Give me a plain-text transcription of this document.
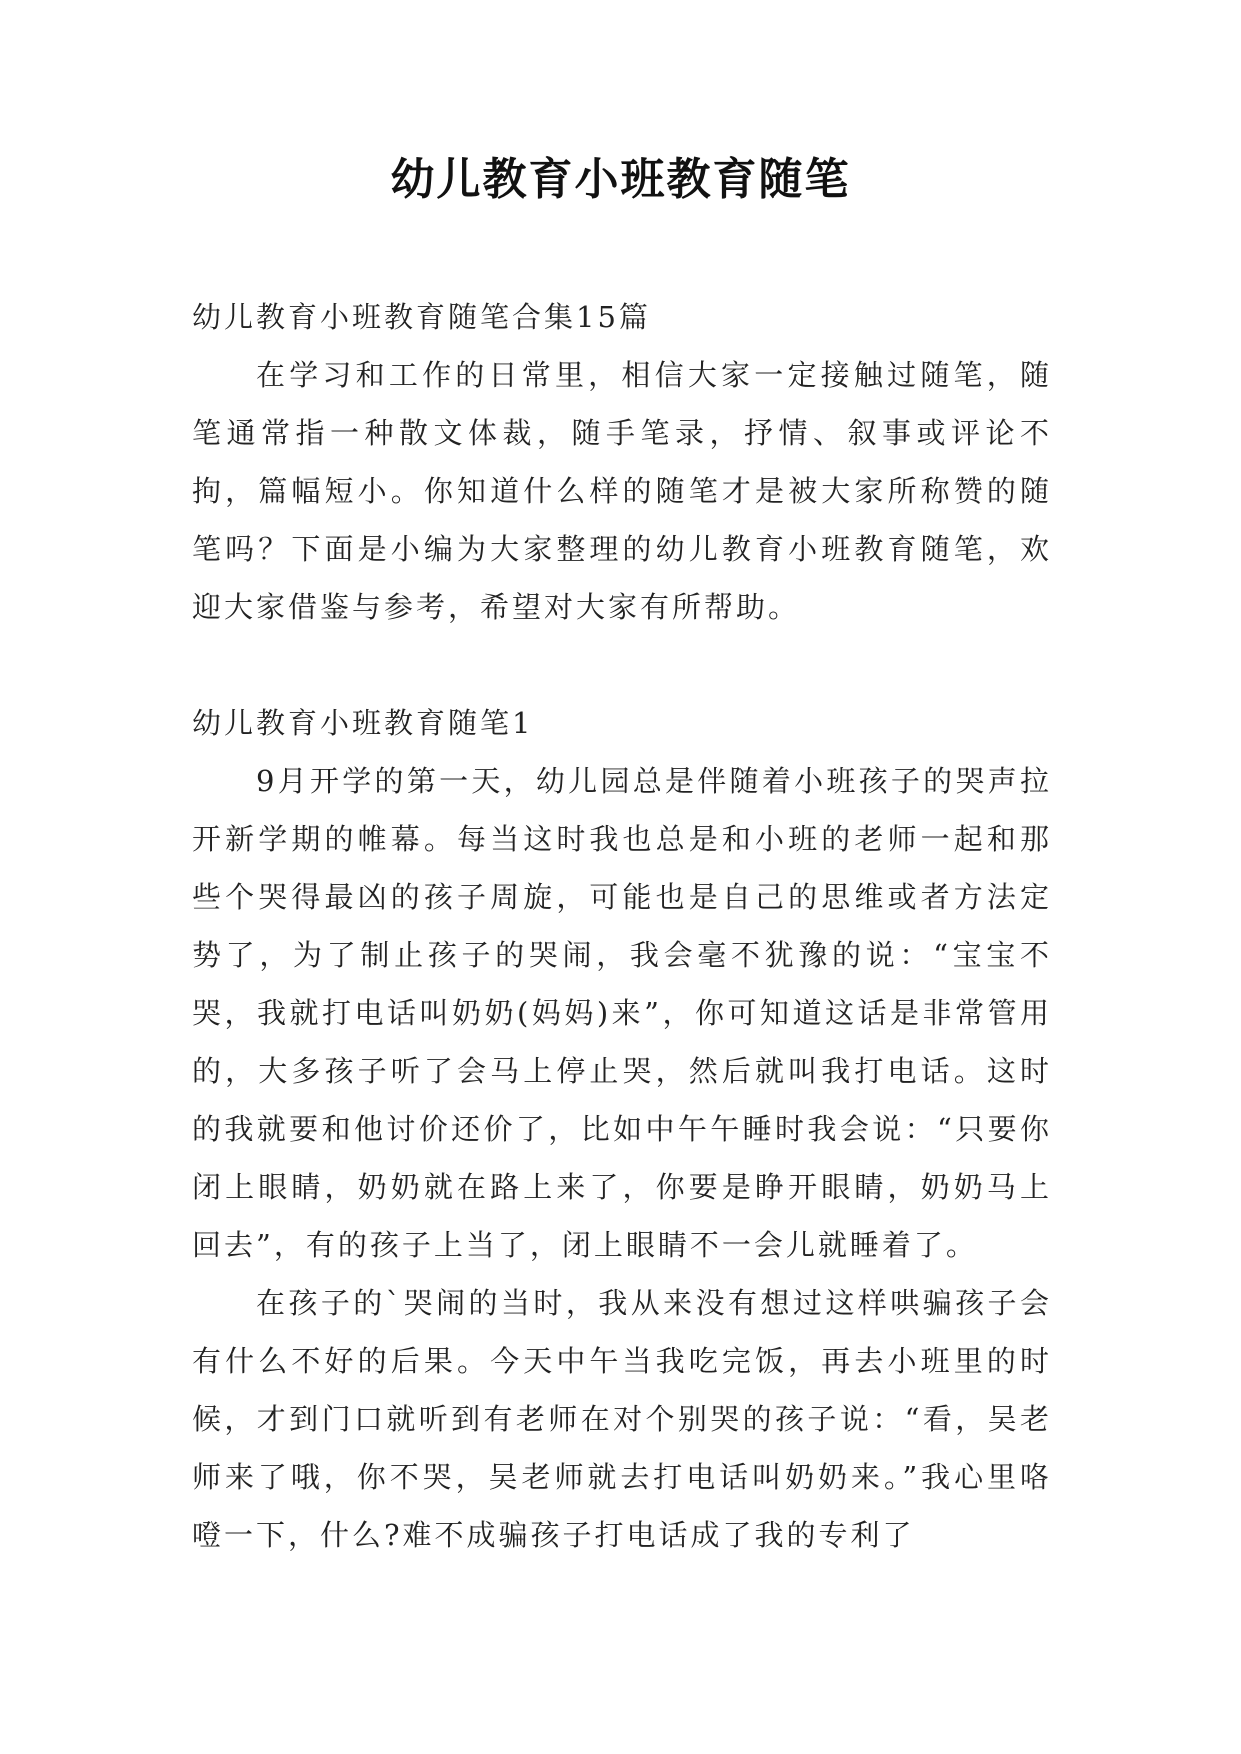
幼儿教育小班教育随笔

幼儿教育小班教育随笔合集15篇

在学习和工作的日常里，相信大家一定接触过随笔，随笔通常指一种散文体裁，随手笔录，抒情、叙事或评论不拘，篇幅短小。你知道什么样的随笔才是被大家所称赞的随笔吗？下面是小编为大家整理的幼儿教育小班教育随笔，欢迎大家借鉴与参考，希望对大家有所帮助。

幼儿教育小班教育随笔1

9月开学的第一天，幼儿园总是伴随着小班孩子的哭声拉开新学期的帷幕。每当这时我也总是和小班的老师一起和那些个哭得最凶的孩子周旋，可能也是自己的思维或者方法定势了，为了制止孩子的哭闹，我会毫不犹豫的说：“宝宝不哭，我就打电话叫奶奶(妈妈)来”，你可知道这话是非常管用的，大多孩子听了会马上停止哭，然后就叫我打电话。这时的我就要和他讨价还价了，比如中午午睡时我会说：“只要你闭上眼睛，奶奶就在路上来了，你要是睁开眼睛，奶奶马上回去”，有的孩子上当了，闭上眼睛不一会儿就睡着了。

在孩子的`哭闹的当时，我从来没有想过这样哄骗孩子会有什么不好的后果。今天中午当我吃完饭，再去小班里的时候，才到门口就听到有老师在对个别哭的孩子说：“看，吴老师来了哦，你不哭，吴老师就去打电话叫奶奶来。”我心里咯噔一下，什么?难不成骗孩子打电话成了我的专利了
